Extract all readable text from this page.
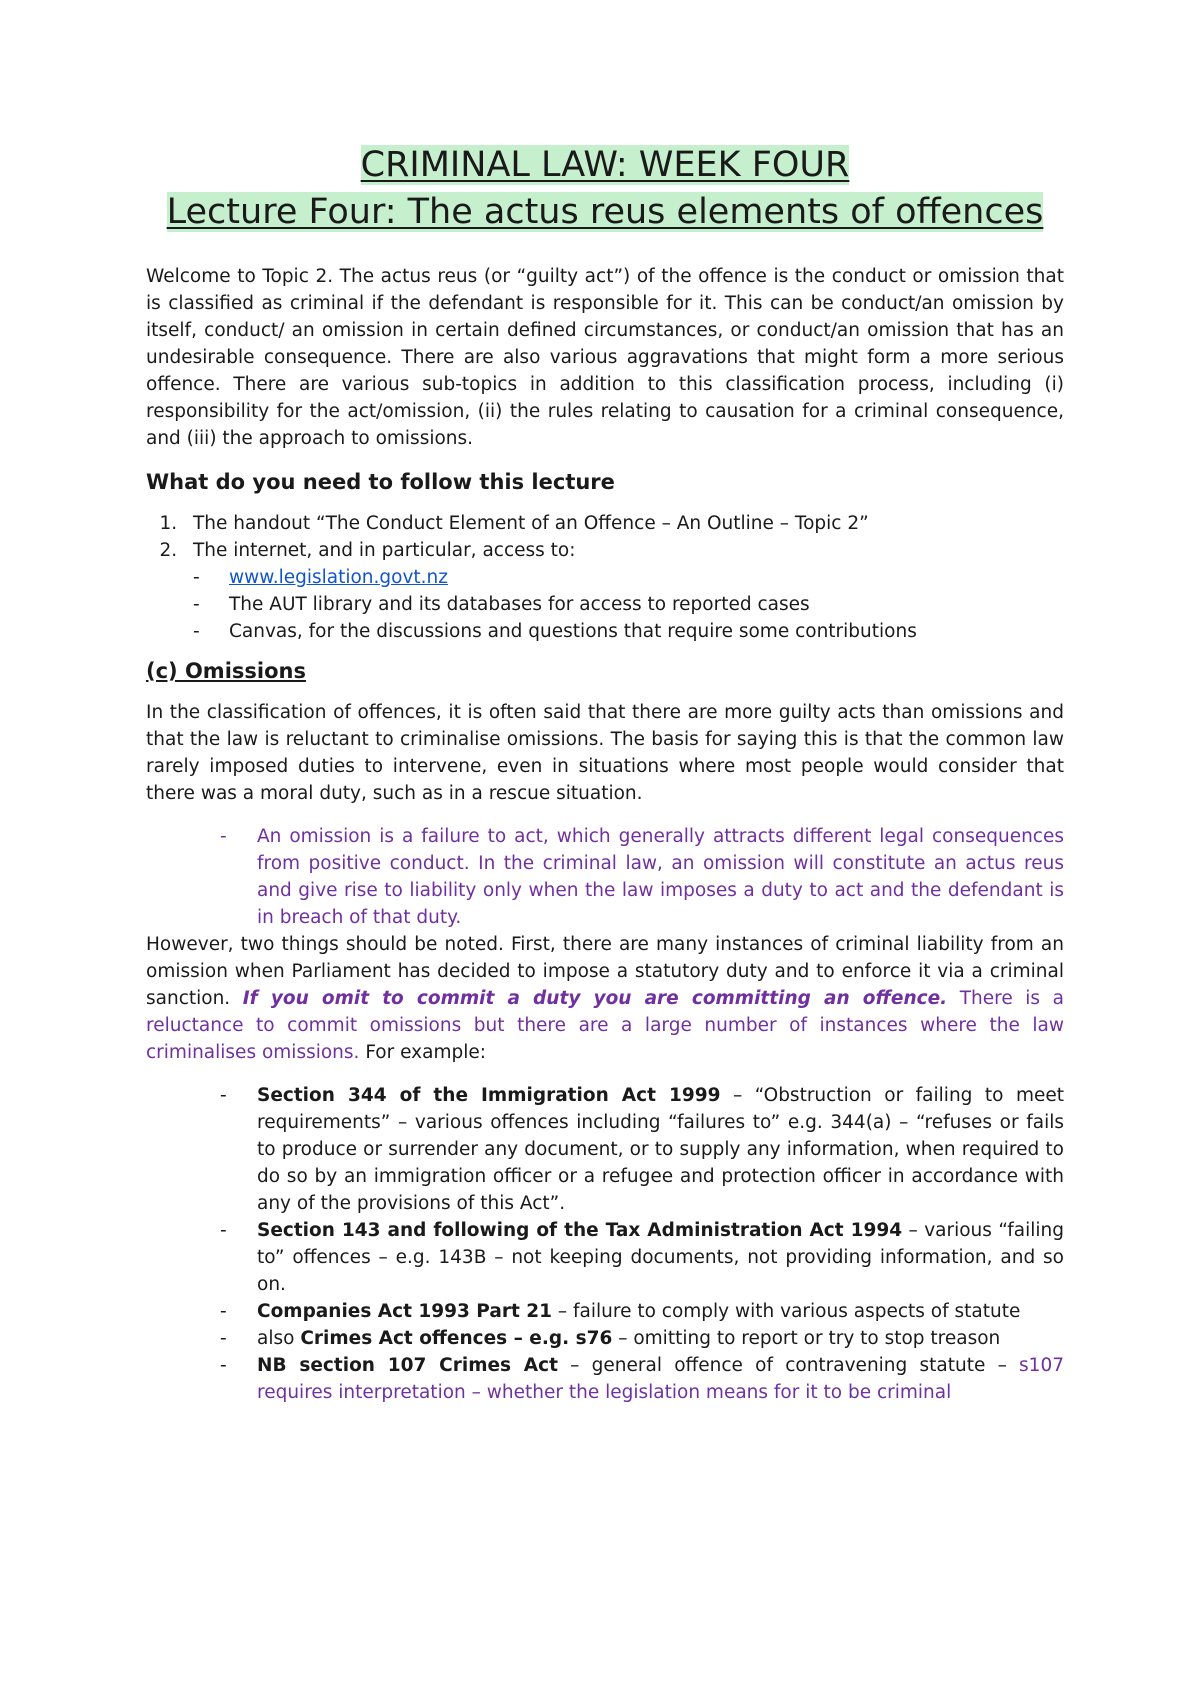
CRIMINAL LAW: WEEK FOUR
Lecture Four: The actus reus elements of offences

Welcome to Topic 2. The actus reus (or “guilty act”) of the offence is the conduct or omission that is classified as criminal if the defendant is responsible for it. This can be conduct/an omission by itself, conduct/ an omission in certain defined circumstances, or conduct/an omission that has an undesirable consequence. There are also various aggravations that might form a more serious offence. There are various sub-topics in addition to this classification process, including (i) responsibility for the act/omission, (ii) the rules relating to causation for a criminal consequence, and (iii) the approach to omissions.

What do you need to follow this lecture
1. The handout “The Conduct Element of an Offence – An Outline – Topic 2”
2. The internet, and in particular, access to:
- www.legislation.govt.nz
- The AUT library and its databases for access to reported cases
- Canvas, for the discussions and questions that require some contributions
(c) Omissions

In the classification of offences, it is often said that there are more guilty acts than omissions and that the law is reluctant to criminalise omissions. The basis for saying this is that the common law rarely imposed duties to intervene, even in situations where most people would consider that there was a moral duty, such as in a rescue situation.

- An omission is a failure to act, which generally attracts different legal consequences from positive conduct. In the criminal law, an omission will constitute an actus reus and give rise to liability only when the law imposes a duty to act and the defendant is in breach of that duty.

However, two things should be noted. First, there are many instances of criminal liability from an omission when Parliament has decided to impose a statutory duty and to enforce it via a criminal sanction. If you omit to commit a duty you are committing an offence. There is a reluctance to commit omissions but there are a large number of instances where the law criminalises omissions. For example:

- Section 344 of the Immigration Act 1999 – “Obstruction or failing to meet requirements” – various offences including “failures to” e.g. 344(a) – “refuses or fails to produce or surrender any document, or to supply any information, when required to do so by an immigration officer or a refugee and protection officer in accordance with any of the provisions of this Act”.
- Section 143 and following of the Tax Administration Act 1994 – various “failing to” offences – e.g. 143B – not keeping documents, not providing information, and so on.
- Companies Act 1993 Part 21 – failure to comply with various aspects of statute
- also Crimes Act offences – e.g. s76 – omitting to report or try to stop treason
- NB section 107 Crimes Act – general offence of contravening statute – s107 requires interpretation – whether the legislation means for it to be criminal
